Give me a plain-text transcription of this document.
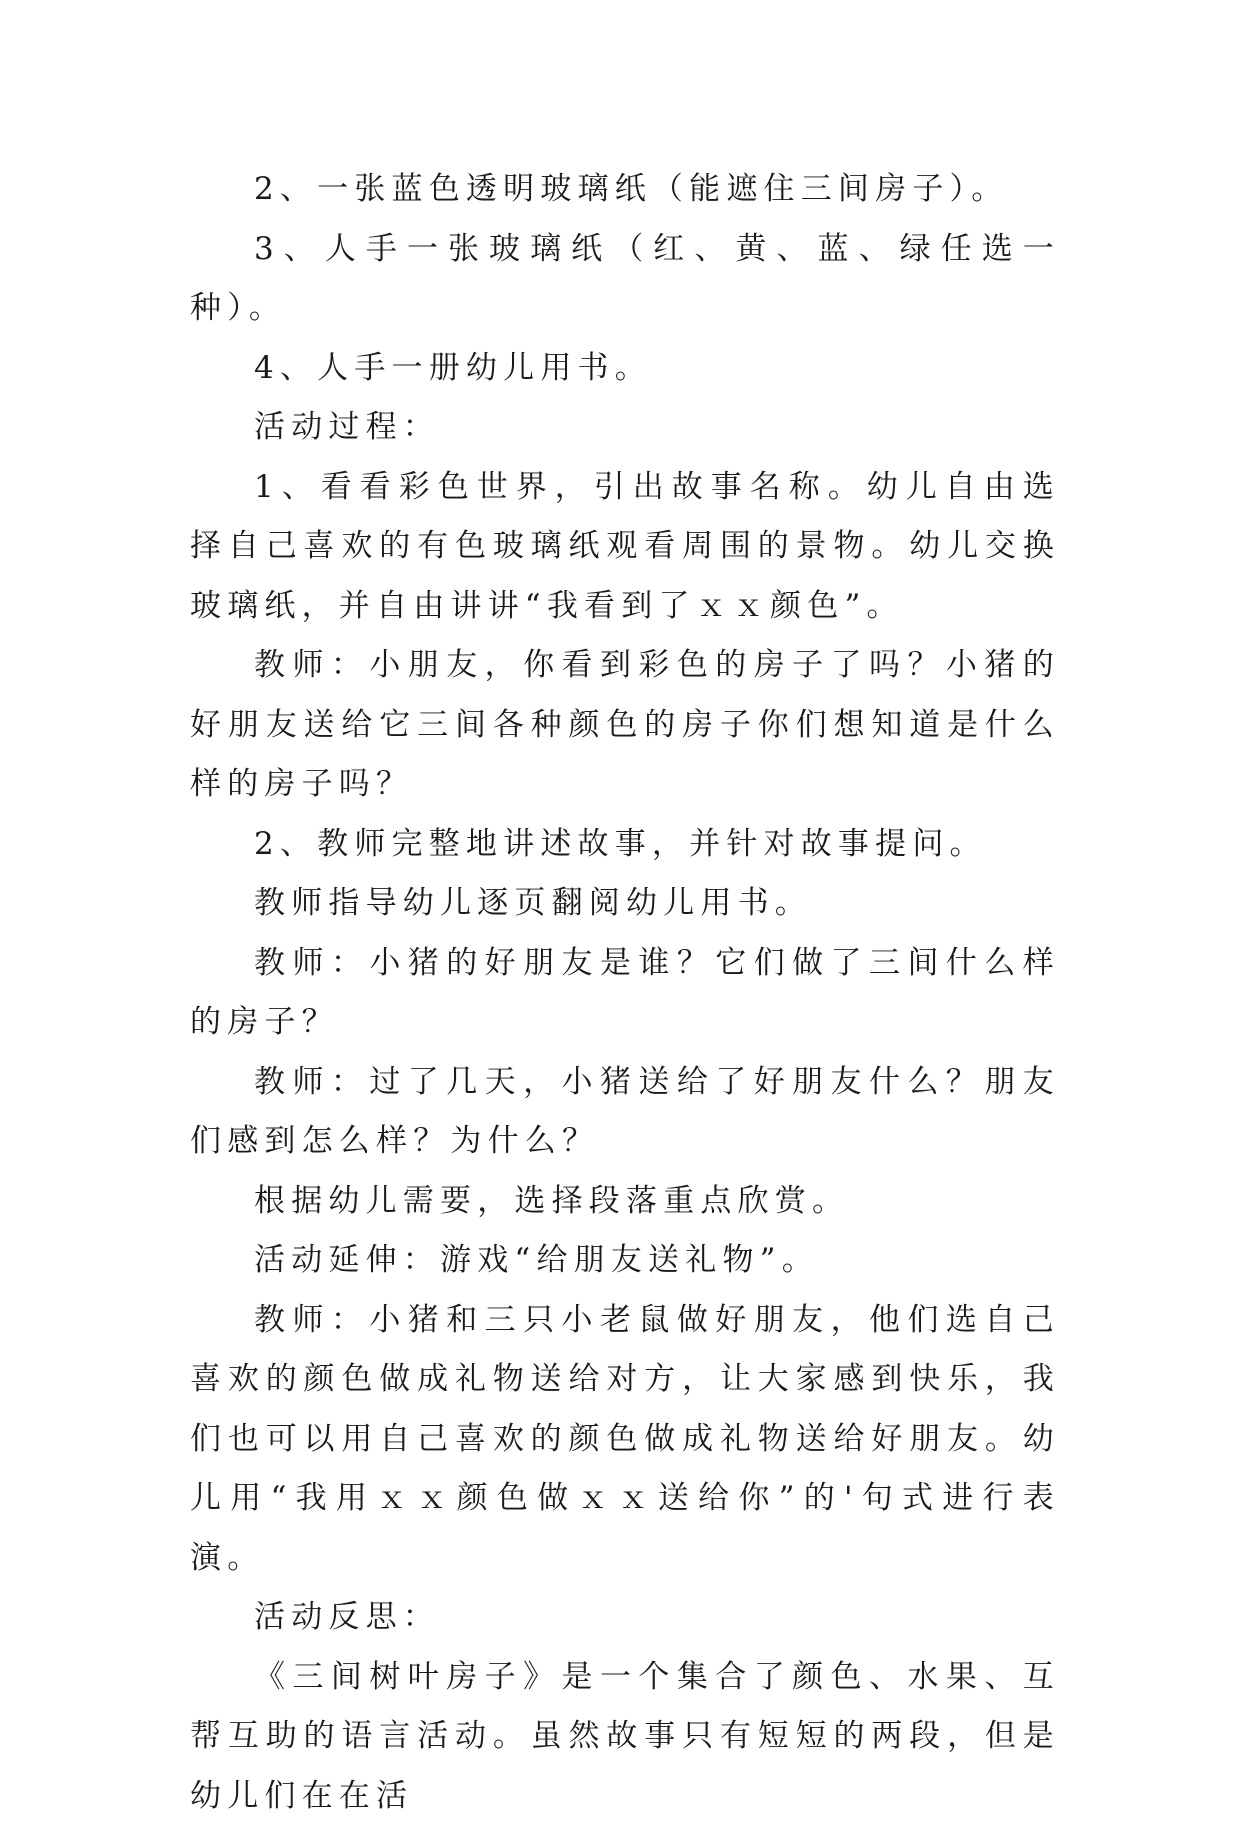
2、一张蓝色透明玻璃纸（能遮住三间房子）。

3、人手一张玻璃纸（红、黄、蓝、绿任选一种）。

4、人手一册幼儿用书。

活动过程：

1、看看彩色世界，引出故事名称。幼儿自由选择自己喜欢的有色玻璃纸观看周围的景物。幼儿交换玻璃纸，并自由讲讲“我看到了ｘｘ颜色”。

教师：小朋友，你看到彩色的房子了吗？小猪的好朋友送给它三间各种颜色的房子你们想知道是什么样的房子吗？

2、教师完整地讲述故事，并针对故事提问。

教师指导幼儿逐页翻阅幼儿用书。

教师：小猪的好朋友是谁？它们做了三间什么样的房子？

教师：过了几天，小猪送给了好朋友什么？朋友们感到怎么样？为什么？

根据幼儿需要，选择段落重点欣赏。

活动延伸：游戏“给朋友送礼物”。

教师：小猪和三只小老鼠做好朋友，他们选自己喜欢的颜色做成礼物送给对方，让大家感到快乐，我们也可以用自己喜欢的颜色做成礼物送给好朋友。幼儿用“我用ｘｘ颜色做ｘｘ送给你”的'句式进行表演。

活动反思：

《三间树叶房子》是一个集合了颜色、水果、互帮互助的语言活动。虽然故事只有短短的两段，但是幼儿们在在活
